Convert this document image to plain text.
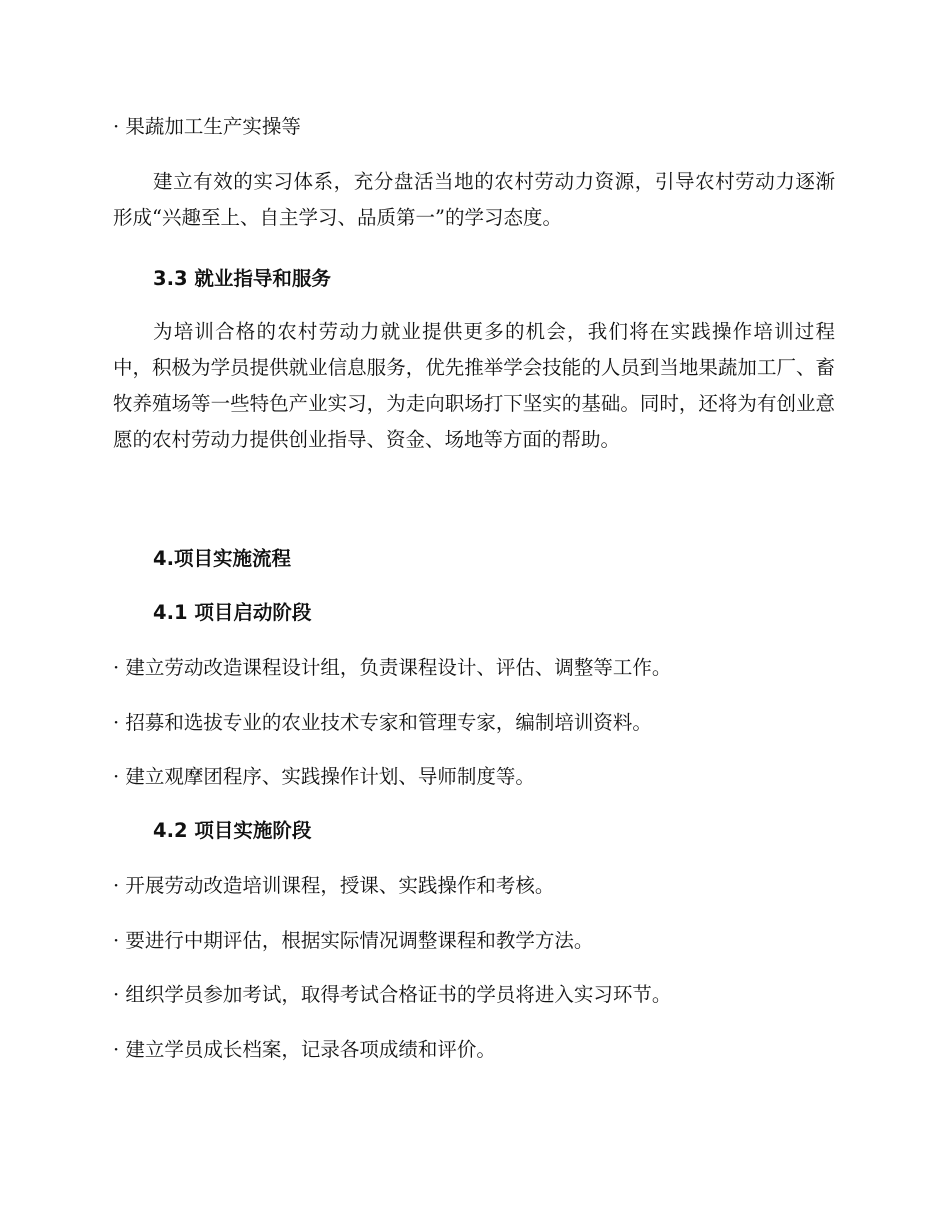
· 果蔬加工生产实操等

建立有效的实习体系，充分盘活当地的农村劳动力资源，引导农村劳动力逐渐形成“兴趣至上、自主学习、品质第一”的学习态度。

3.3 就业指导和服务

为培训合格的农村劳动力就业提供更多的机会，我们将在实践操作培训过程中，积极为学员提供就业信息服务，优先推举学会技能的人员到当地果蔬加工厂、畜牧养殖场等一些特色产业实习，为走向职场打下坚实的基础。同时，还将为有创业意愿的农村劳动力提供创业指导、资金、场地等方面的帮助。

4.项目实施流程

4.1 项目启动阶段

· 建立劳动改造课程设计组，负责课程设计、评估、调整等工作。

· 招募和选拔专业的农业技术专家和管理专家，编制培训资料。

· 建立观摩团程序、实践操作计划、导师制度等。

4.2 项目实施阶段

· 开展劳动改造培训课程，授课、实践操作和考核。

· 要进行中期评估，根据实际情况调整课程和教学方法。

· 组织学员参加考试，取得考试合格证书的学员将进入实习环节。

· 建立学员成长档案，记录各项成绩和评价。
